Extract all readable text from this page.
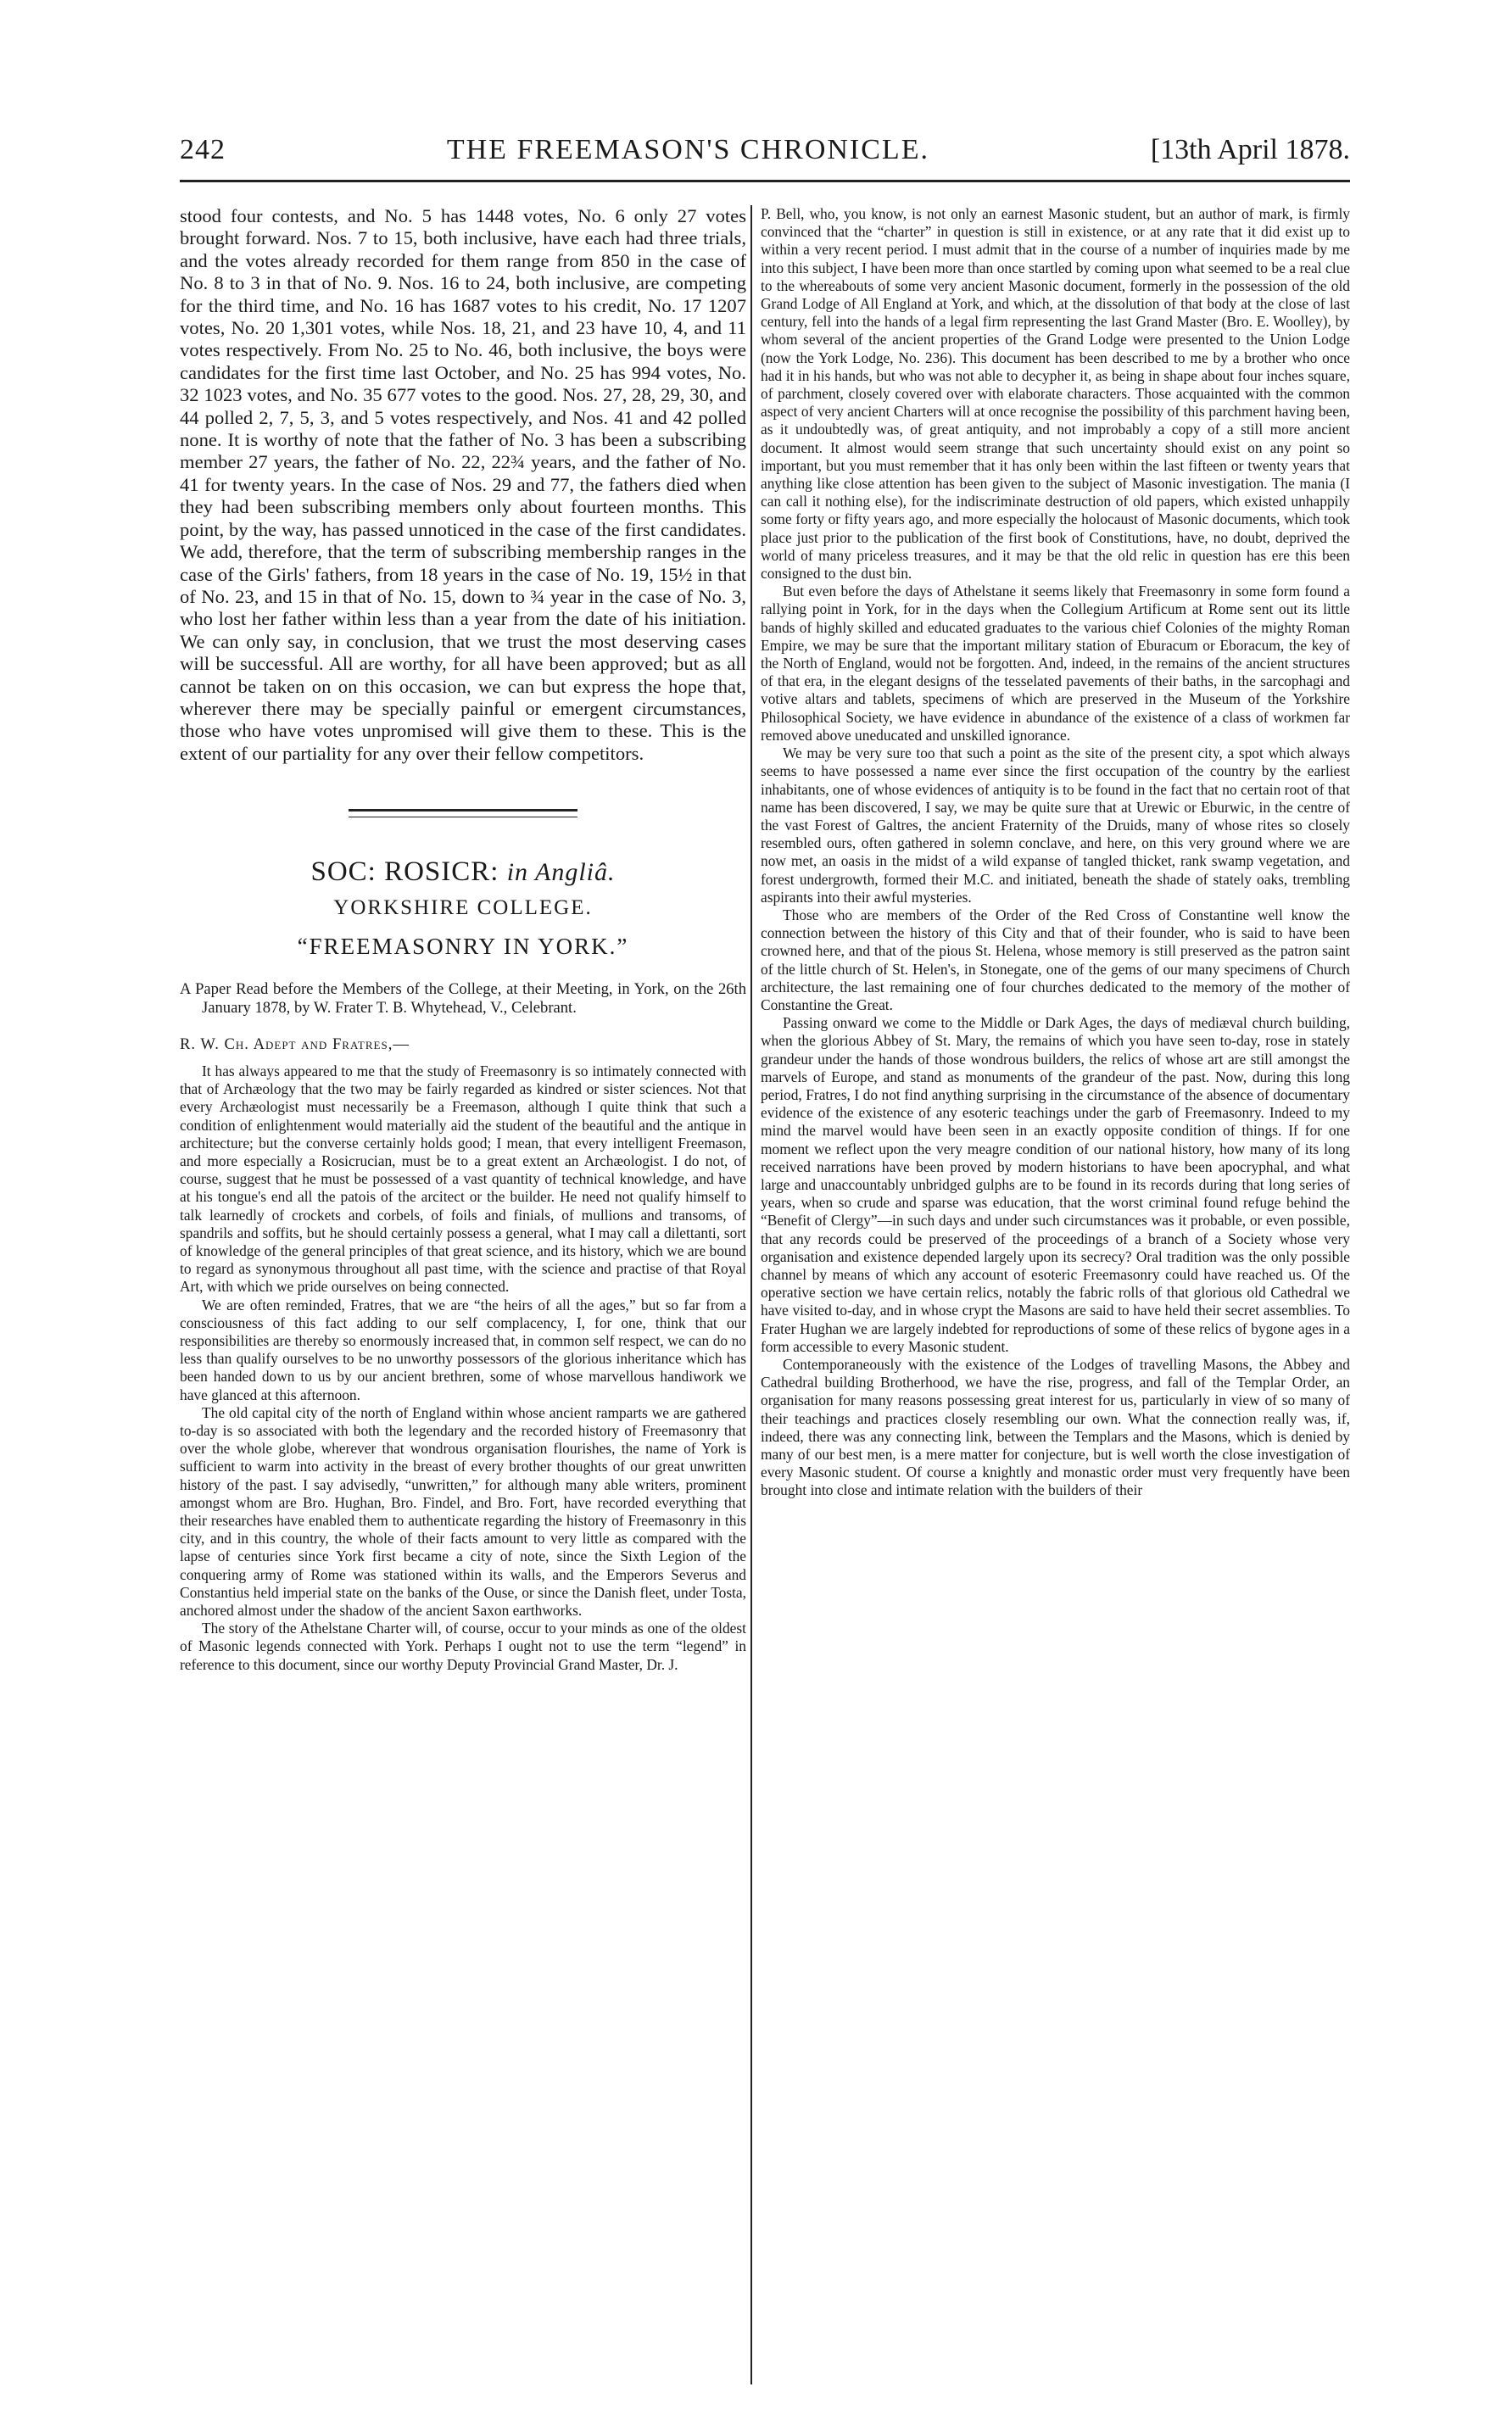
242	THE FREEMASON'S CHRONICLE.	[13th April 1878.

stood four contests, and No. 5 has 1448 votes, No. 6 only 27 votes brought forward. Nos. 7 to 15, both inclusive, have each had three trials, and the votes already recorded for them range from 850 in the case of No. 8 to 3 in that of No. 9. Nos. 16 to 24, both inclusive, are competing for the third time, and No. 16 has 1687 votes to his credit, No. 17 1207 votes, No. 20 1,301 votes, while Nos. 18, 21, and 23 have 10, 4, and 11 votes respectively. From No. 25 to No. 46, both inclusive, the boys were candidates for the first time last October, and No. 25 has 994 votes, No. 32 1023 votes, and No. 35 677 votes to the good. Nos. 27, 28, 29, 30, and 44 polled 2, 7, 5, 3, and 5 votes respectively, and Nos. 41 and 42 polled none. It is worthy of note that the father of No. 3 has been a subscribing member 27 years, the father of No. 22, 22¾ years, and the father of No. 41 for twenty years. In the case of Nos. 29 and 77, the fathers died when they had been subscribing members only about fourteen months. This point, by the way, has passed unnoticed in the case of the first candidates. We add, therefore, that the term of subscribing membership ranges in the case of the Girls' fathers, from 18 years in the case of No. 19, 15½ in that of No. 23, and 15 in that of No. 15, down to ¾ year in the case of No. 3, who lost her father within less than a year from the date of his initiation. We can only say, in conclusion, that we trust the most deserving cases will be successful. All are worthy, for all have been approved; but as all cannot be taken on on this occasion, we can but express the hope that, wherever there may be specially painful or emergent circumstances, those who have votes unpromised will give them to these. This is the extent of our partiality for any over their fellow competitors.

SOC: ROSICR: in Angliâ.
YORKSHIRE COLLEGE.
“FREEMASONRY IN YORK.”

A Paper Read before the Members of the College, at their Meeting, in York, on the 26th January 1878, by W. Frater T. B. Whytehead, V., Celebrant.

R. W. Ch. Adept and Fratres,—

It has always appeared to me that the study of Freemasonry is so intimately connected with that of Archæology that the two may be fairly regarded as kindred or sister sciences. Not that every Archæologist must necessarily be a Freemason, although I quite think that such a condition of enlightenment would materially aid the student of the beautiful and the antique in architecture; but the converse certainly holds good; I mean, that every intelligent Freemason, and more especially a Rosicrucian, must be to a great extent an Archæologist. I do not, of course, suggest that he must be possessed of a vast quantity of technical knowledge, and have at his tongue's end all the patois of the arcitect or the builder. He need not qualify himself to talk learnedly of crockets and corbels, of foils and finials, of mullions and transoms, of spandrils and soffits, but he should certainly possess a general, what I may call a dilettanti, sort of knowledge of the general principles of that great science, and its history, which we are bound to regard as synonymous throughout all past time, with the science and practise of that Royal Art, with which we pride ourselves on being connected.

We are often reminded, Fratres, that we are “the heirs of all the ages,” but so far from a consciousness of this fact adding to our self complacency, I, for one, think that our responsibilities are thereby so enormously increased that, in common self respect, we can do no less than qualify ourselves to be no unworthy possessors of the glorious inheritance which has been handed down to us by our ancient brethren, some of whose marvellous handiwork we have glanced at this afternoon.

The old capital city of the north of England within whose ancient ramparts we are gathered to-day is so associated with both the legendary and the recorded history of Freemasonry that over the whole globe, wherever that wondrous organisation flourishes, the name of York is sufficient to warm into activity in the breast of every brother thoughts of our great unwritten history of the past. I say advisedly, “unwritten,” for although many able writers, prominent amongst whom are Bro. Hughan, Bro. Findel, and Bro. Fort, have recorded everything that their researches have enabled them to authenticate regarding the history of Freemasonry in this city, and in this country, the whole of their facts amount to very little as compared with the lapse of centuries since York first became a city of note, since the Sixth Legion of the conquering army of Rome was stationed within its walls, and the Emperors Severus and Constantius held imperial state on the banks of the Ouse, or since the Danish fleet, under Tosta, anchored almost under the shadow of the ancient Saxon earthworks.

The story of the Athelstane Charter will, of course, occur to your minds as one of the oldest of Masonic legends connected with York. Perhaps I ought not to use the term “legend” in reference to this document, since our worthy Deputy Provincial Grand Master, Dr. J.

P. Bell, who, you know, is not only an earnest Masonic student, but an author of mark, is firmly convinced that the “charter” in question is still in existence, or at any rate that it did exist up to within a very recent period. I must admit that in the course of a number of inquiries made by me into this subject, I have been more than once startled by coming upon what seemed to be a real clue to the whereabouts of some very ancient Masonic document, formerly in the possession of the old Grand Lodge of All England at York, and which, at the dissolution of that body at the close of last century, fell into the hands of a legal firm representing the last Grand Master (Bro. E. Woolley), by whom several of the ancient properties of the Grand Lodge were presented to the Union Lodge (now the York Lodge, No. 236). This document has been described to me by a brother who once had it in his hands, but who was not able to decypher it, as being in shape about four inches square, of parchment, closely covered over with elaborate characters. Those acquainted with the common aspect of very ancient Charters will at once recognise the possibility of this parchment having been, as it undoubtedly was, of great antiquity, and not improbably a copy of a still more ancient document. It almost would seem strange that such uncertainty should exist on any point so important, but you must remember that it has only been within the last fifteen or twenty years that anything like close attention has been given to the subject of Masonic investigation. The mania (I can call it nothing else), for the indiscriminate destruction of old papers, which existed unhappily some forty or fifty years ago, and more especially the holocaust of Masonic documents, which took place just prior to the publication of the first book of Constitutions, have, no doubt, deprived the world of many priceless treasures, and it may be that the old relic in question has ere this been consigned to the dust bin.

But even before the days of Athelstane it seems likely that Freemasonry in some form found a rallying point in York, for in the days when the Collegium Artificum at Rome sent out its little bands of highly skilled and educated graduates to the various chief Colonies of the mighty Roman Empire, we may be sure that the important military station of Eburacum or Eboracum, the key of the North of England, would not be forgotten. And, indeed, in the remains of the ancient structures of that era, in the elegant designs of the tesselated pavements of their baths, in the sarcophagi and votive altars and tablets, specimens of which are preserved in the Museum of the Yorkshire Philosophical Society, we have evidence in abundance of the existence of a class of workmen far removed above uneducated and unskilled ignorance.

We may be very sure too that such a point as the site of the present city, a spot which always seems to have possessed a name ever since the first occupation of the country by the earliest inhabitants, one of whose evidences of antiquity is to be found in the fact that no certain root of that name has been discovered, I say, we may be quite sure that at Urewic or Eburwic, in the centre of the vast Forest of Galtres, the ancient Fraternity of the Druids, many of whose rites so closely resembled ours, often gathered in solemn conclave, and here, on this very ground where we are now met, an oasis in the midst of a wild expanse of tangled thicket, rank swamp vegetation, and forest undergrowth, formed their M.C. and initiated, beneath the shade of stately oaks, trembling aspirants into their awful mysteries.

Those who are members of the Order of the Red Cross of Constantine well know the connection between the history of this City and that of their founder, who is said to have been crowned here, and that of the pious St. Helena, whose memory is still preserved as the patron saint of the little church of St. Helen's, in Stonegate, one of the gems of our many specimens of Church architecture, the last remaining one of four churches dedicated to the memory of the mother of Constantine the Great.

Passing onward we come to the Middle or Dark Ages, the days of mediæval church building, when the glorious Abbey of St. Mary, the remains of which you have seen to-day, rose in stately grandeur under the hands of those wondrous builders, the relics of whose art are still amongst the marvels of Europe, and stand as monuments of the grandeur of the past. Now, during this long period, Fratres, I do not find anything surprising in the circumstance of the absence of documentary evidence of the existence of any esoteric teachings under the garb of Freemasonry. Indeed to my mind the marvel would have been seen in an exactly opposite condition of things. If for one moment we reflect upon the very meagre condition of our national history, how many of its long received narrations have been proved by modern historians to have been apocryphal, and what large and unaccountably unbridged gulphs are to be found in its records during that long series of years, when so crude and sparse was education, that the worst criminal found refuge behind the “Benefit of Clergy”—in such days and under such circumstances was it probable, or even possible, that any records could be preserved of the proceedings of a branch of a Society whose very organisation and existence depended largely upon its secrecy? Oral tradition was the only possible channel by means of which any account of esoteric Freemasonry could have reached us. Of the operative section we have certain relics, notably the fabric rolls of that glorious old Cathedral we have visited to-day, and in whose crypt the Masons are said to have held their secret assemblies. To Frater Hughan we are largely indebted for reproductions of some of these relics of bygone ages in a form accessible to every Masonic student.

Contemporaneously with the existence of the Lodges of travelling Masons, the Abbey and Cathedral building Brotherhood, we have the rise, progress, and fall of the Templar Order, an organisation for many reasons possessing great interest for us, particularly in view of so many of their teachings and practices closely resembling our own. What the connection really was, if, indeed, there was any connecting link, between the Templars and the Masons, which is denied by many of our best men, is a mere matter for conjecture, but is well worth the close investigation of every Masonic student. Of course a knightly and monastic order must very frequently have been brought into close and intimate relation with the builders of their
